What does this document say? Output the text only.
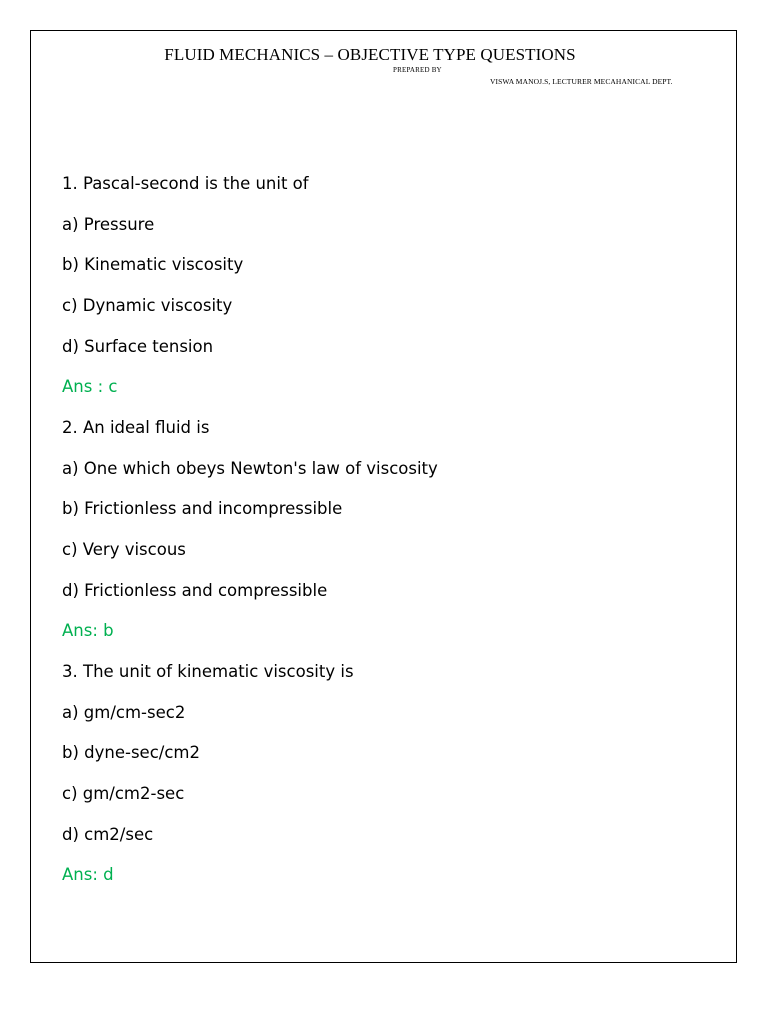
FLUID MECHANICS – OBJECTIVE TYPE QUESTIONS
PREPARED BY
VISWA MANOJ.S, LECTURER MECAHANICAL DEPT.
1. Pascal-second is the unit of
a) Pressure
b) Kinematic viscosity
c) Dynamic viscosity
d) Surface tension
Ans : c
2. An ideal fluid is
a) One which obeys Newton's law of viscosity
b) Frictionless and incompressible
c) Very viscous
d) Frictionless and compressible
Ans: b
3. The unit of kinematic viscosity is
a) gm/cm-sec2
b) dyne-sec/cm2
c) gm/cm2-sec
d) cm2/sec
Ans: d
